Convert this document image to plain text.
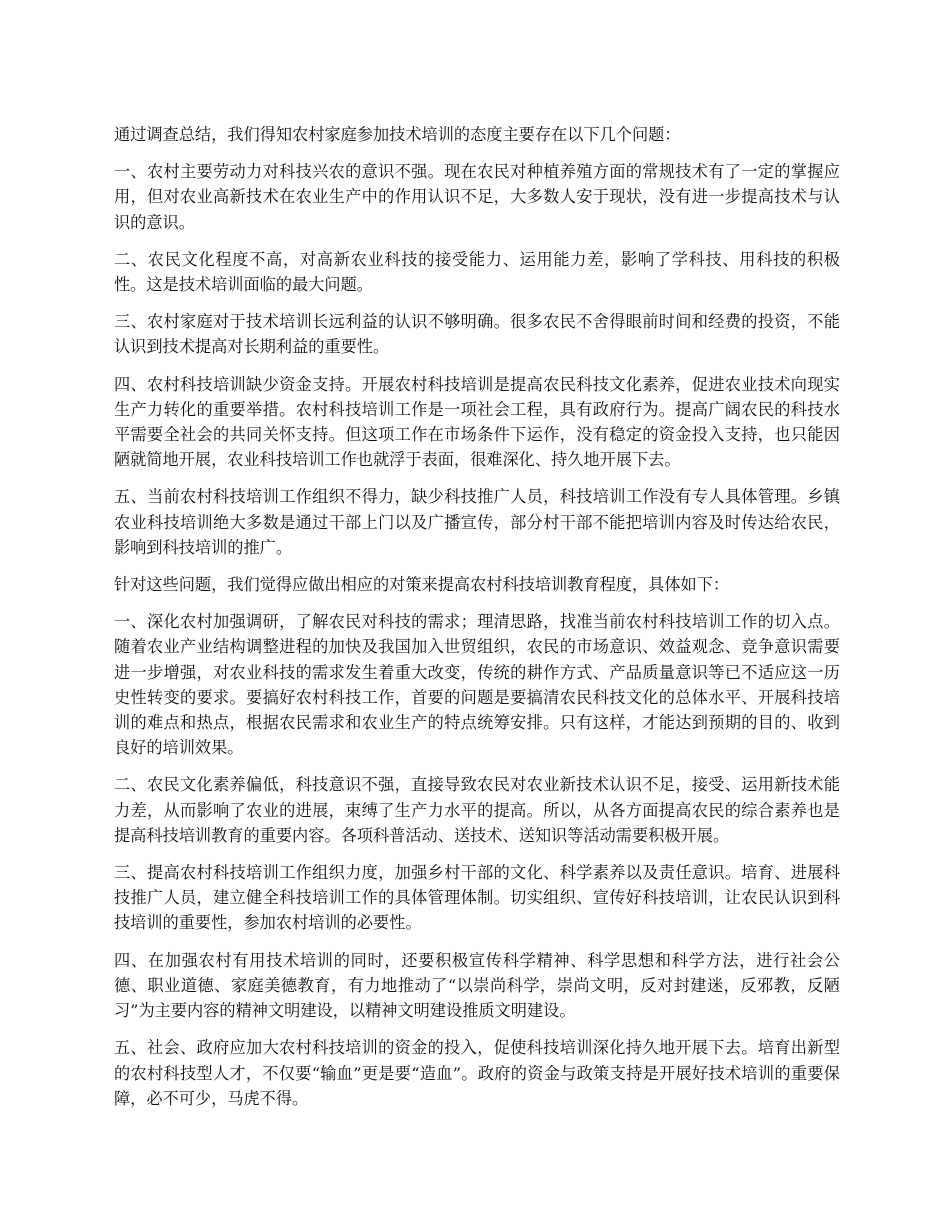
通过调查总结，我们得知农村家庭参加技术培训的态度主要存在以下几个问题：

一、农村主要劳动力对科技兴农的意识不强。现在农民对种植养殖方面的常规技术有了一定的掌握应用，但对农业高新技术在农业生产中的作用认识不足，大多数人安于现状，没有进一步提高技术与认识的意识。

二、农民文化程度不高，对高新农业科技的接受能力、运用能力差，影响了学科技、用科技的积极性。这是技术培训面临的最大问题。

三、农村家庭对于技术培训长远利益的认识不够明确。很多农民不舍得眼前时间和经费的投资，不能认识到技术提高对长期利益的重要性。

四、农村科技培训缺少资金支持。开展农村科技培训是提高农民科技文化素养，促进农业技术向现实生产力转化的重要举措。农村科技培训工作是一项社会工程，具有政府行为。提高广阔农民的科技水平需要全社会的共同关怀支持。但这项工作在市场条件下运作，没有稳定的资金投入支持，也只能因陋就简地开展，农业科技培训工作也就浮于表面，很难深化、持久地开展下去。

五、当前农村科技培训工作组织不得力，缺少科技推广人员，科技培训工作没有专人具体管理。乡镇农业科技培训绝大多数是通过干部上门以及广播宣传，部分村干部不能把培训内容及时传达给农民，影响到科技培训的推广。

针对这些问题，我们觉得应做出相应的对策来提高农村科技培训教育程度，具体如下：

一、深化农村加强调研，了解农民对科技的需求；理清思路，找准当前农村科技培训工作的切入点。随着农业产业结构调整进程的加快及我国加入世贸组织，农民的市场意识、效益观念、竞争意识需要进一步增强，对农业科技的需求发生着重大改变，传统的耕作方式、产品质量意识等已不适应这一历史性转变的要求。要搞好农村科技工作，首要的问题是要搞清农民科技文化的总体水平、开展科技培训的难点和热点，根据农民需求和农业生产的特点统筹安排。只有这样，才能达到预期的目的、收到良好的培训效果。

二、农民文化素养偏低，科技意识不强，直接导致农民对农业新技术认识不足，接受、运用新技术能力差，从而影响了农业的进展，束缚了生产力水平的提高。所以，从各方面提高农民的综合素养也是提高科技培训教育的重要内容。各项科普活动、送技术、送知识等活动需要积极开展。

三、提高农村科技培训工作组织力度，加强乡村干部的文化、科学素养以及责任意识。培育、进展科技推广人员，建立健全科技培训工作的具体管理体制。切实组织、宣传好科技培训，让农民认识到科技培训的重要性，参加农村培训的必要性。

四、在加强农村有用技术培训的同时，还要积极宣传科学精神、科学思想和科学方法，进行社会公德、职业道德、家庭美德教育，有力地推动了“以崇尚科学，崇尚文明，反对封建迷，反邪教，反陋习”为主要内容的精神文明建设，以精神文明建设推质文明建设。

五、社会、政府应加大农村科技培训的资金的投入，促使科技培训深化持久地开展下去。培育出新型的农村科技型人才，不仅要“输血”更是要“造血”。政府的资金与政策支持是开展好技术培训的重要保障，必不可少，马虎不得。
